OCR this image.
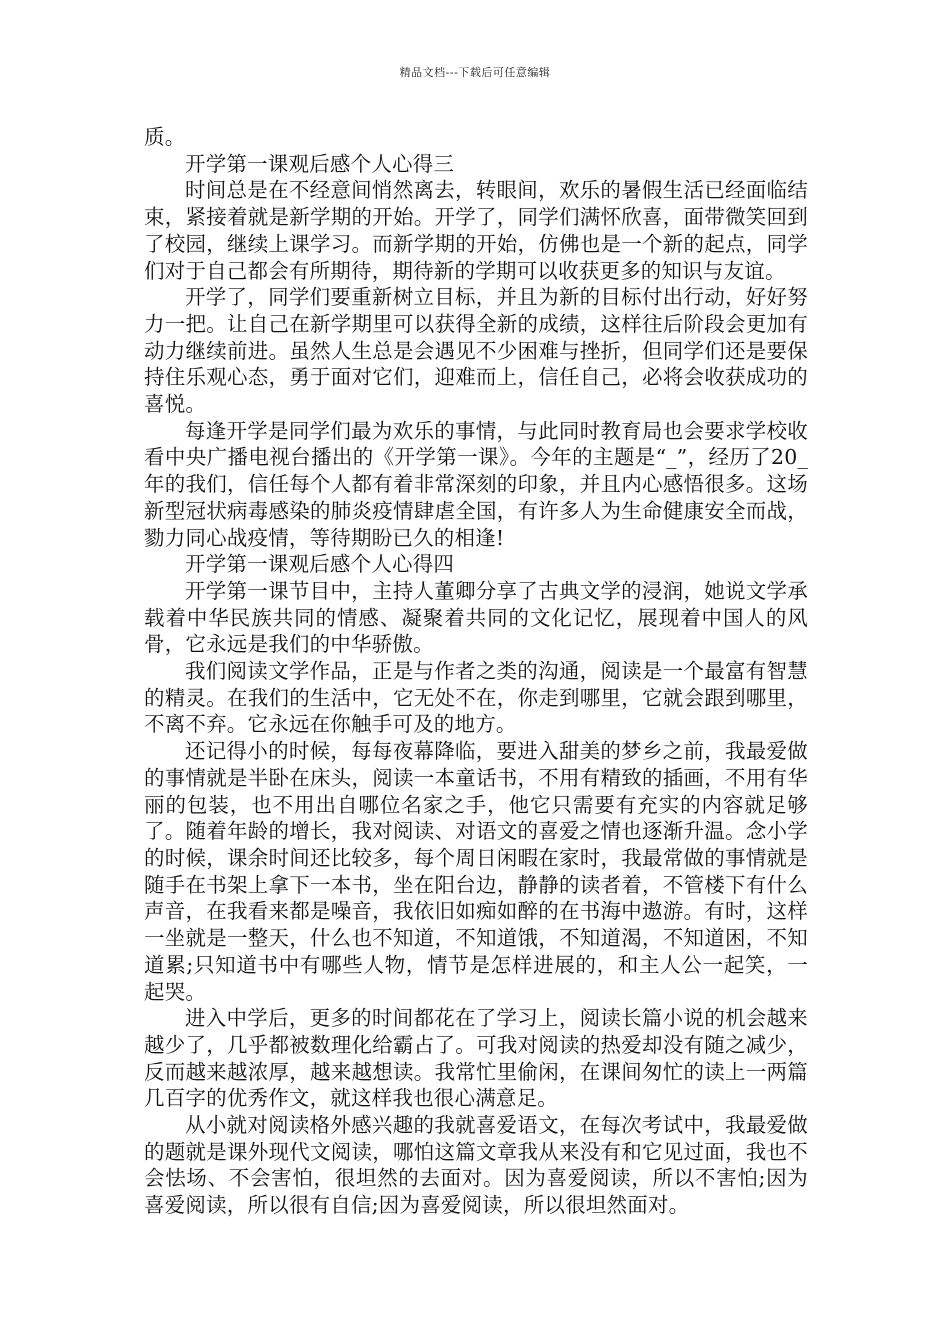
精品文档---下载后可任意编辑

质。

开学第一课观后感个人心得三

时间总是在不经意间悄然离去，转眼间，欢乐的暑假生活已经面临结束，紧接着就是新学期的开始。开学了，同学们满怀欣喜，面带微笑回到了校园，继续上课学习。而新学期的开始，仿佛也是一个新的起点，同学们对于自己都会有所期待，期待新的学期可以收获更多的知识与友谊。

开学了，同学们要重新树立目标，并且为新的目标付出行动，好好努力一把。让自己在新学期里可以获得全新的成绩，这样往后阶段会更加有动力继续前进。虽然人生总是会遇见不少困难与挫折，但同学们还是要保持住乐观心态，勇于面对它们，迎难而上，信任自己，必将会收获成功的喜悦。

每逢开学是同学们最为欢乐的事情，与此同时教育局也会要求学校收看中央广播电视台播出的《开学第一课》。今年的主题是“_”，经历了20_年的我们，信任每个人都有着非常深刻的印象，并且内心感悟很多。这场新型冠状病毒感染的肺炎疫情肆虐全国，有许多人为生命健康安全而战，勠力同心战疫情，等待期盼已久的相逢!

开学第一课观后感个人心得四

开学第一课节目中，主持人董卿分享了古典文学的浸润，她说文学承载着中华民族共同的情感、凝聚着共同的文化记忆，展现着中国人的风骨，它永远是我们的中华骄傲。

我们阅读文学作品，正是与作者之类的沟通，阅读是一个最富有智慧的精灵。在我们的生活中，它无处不在，你走到哪里，它就会跟到哪里，不离不弃。它永远在你触手可及的地方。

还记得小的时候，每每夜幕降临，要进入甜美的梦乡之前，我最爱做的事情就是半卧在床头，阅读一本童话书，不用有精致的插画，不用有华丽的包装，也不用出自哪位名家之手，他它只需要有充实的内容就足够了。随着年龄的增长，我对阅读、对语文的喜爱之情也逐渐升温。念小学的时候，课余时间还比较多，每个周日闲暇在家时，我最常做的事情就是随手在书架上拿下一本书，坐在阳台边，静静的读者着，不管楼下有什么声音，在我看来都是噪音，我依旧如痴如醉的在书海中遨游。有时，这样一坐就是一整天，什么也不知道，不知道饿，不知道渴，不知道困，不知道累;只知道书中有哪些人物，情节是怎样进展的，和主人公一起笑，一起哭。

进入中学后，更多的时间都花在了学习上，阅读长篇小说的机会越来越少了，几乎都被数理化给霸占了。可我对阅读的热爱却没有随之减少，反而越来越浓厚，越来越想读。我常忙里偷闲，在课间匆忙的读上一两篇几百字的优秀作文，就这样我也很心满意足。

从小就对阅读格外感兴趣的我就喜爱语文，在每次考试中，我最爱做的题就是课外现代文阅读，哪怕这篇文章我从来没有和它见过面，我也不会怯场、不会害怕，很坦然的去面对。因为喜爱阅读，所以不害怕;因为喜爱阅读，所以很有自信;因为喜爱阅读，所以很坦然面对。
